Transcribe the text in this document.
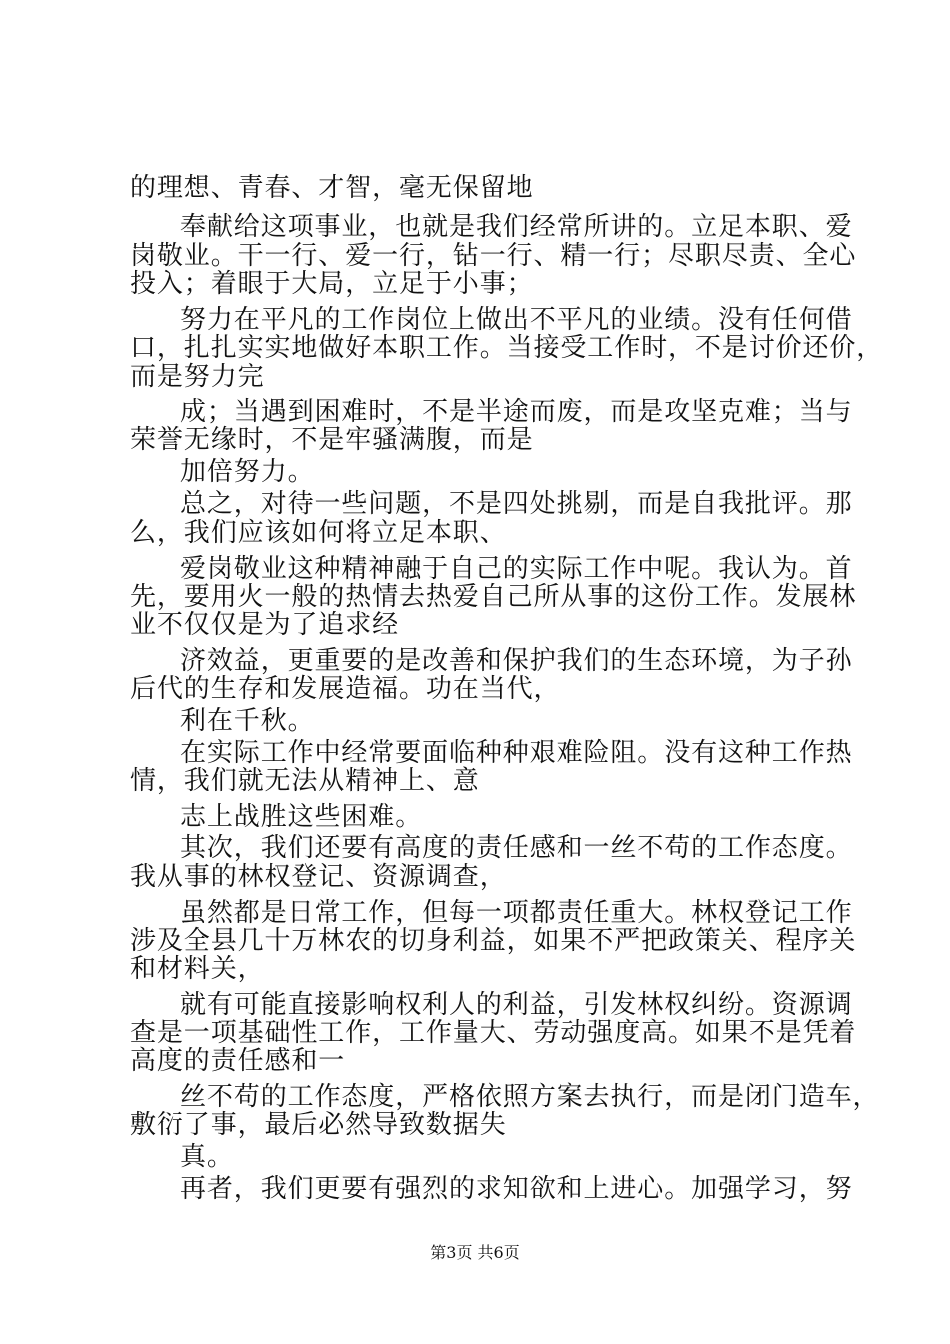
的理想、青春、才智，毫无保留地
奉献给这项事业，也就是我们经常所讲的。立足本职、爱
岗敬业。干一行、爱一行，钻一行、精一行；尽职尽责、全心
投入；着眼于大局，立足于小事；
努力在平凡的工作岗位上做出不平凡的业绩。没有任何借
口，扎扎实实地做好本职工作。当接受工作时，不是讨价还价，
而是努力完
成；当遇到困难时，不是半途而废，而是攻坚克难；当与
荣誉无缘时，不是牢骚满腹，而是
加倍努力。
总之，对待一些问题，不是四处挑剔，而是自我批评。那
么，我们应该如何将立足本职、
爱岗敬业这种精神融于自己的实际工作中呢。我认为。首
先，要用火一般的热情去热爱自己所从事的这份工作。发展林
业不仅仅是为了追求经
济效益，更重要的是改善和保护我们的生态环境，为子孙
后代的生存和发展造福。功在当代，
利在千秋。
在实际工作中经常要面临种种艰难险阻。没有这种工作热
情，我们就无法从精神上、意
志上战胜这些困难。
其次，我们还要有高度的责任感和一丝不苟的工作态度。
我从事的林权登记、资源调查，
虽然都是日常工作，但每一项都责任重大。林权登记工作
涉及全县几十万林农的切身利益，如果不严把政策关、程序关
和材料关，
就有可能直接影响权利人的利益，引发林权纠纷。资源调
查是一项基础性工作，工作量大、劳动强度高。如果不是凭着
高度的责任感和一
丝不苟的工作态度，严格依照方案去执行，而是闭门造车，
敷衍了事，最后必然导致数据失
真。
再者，我们更要有强烈的求知欲和上进心。加强学习，努
第3页 共6页
